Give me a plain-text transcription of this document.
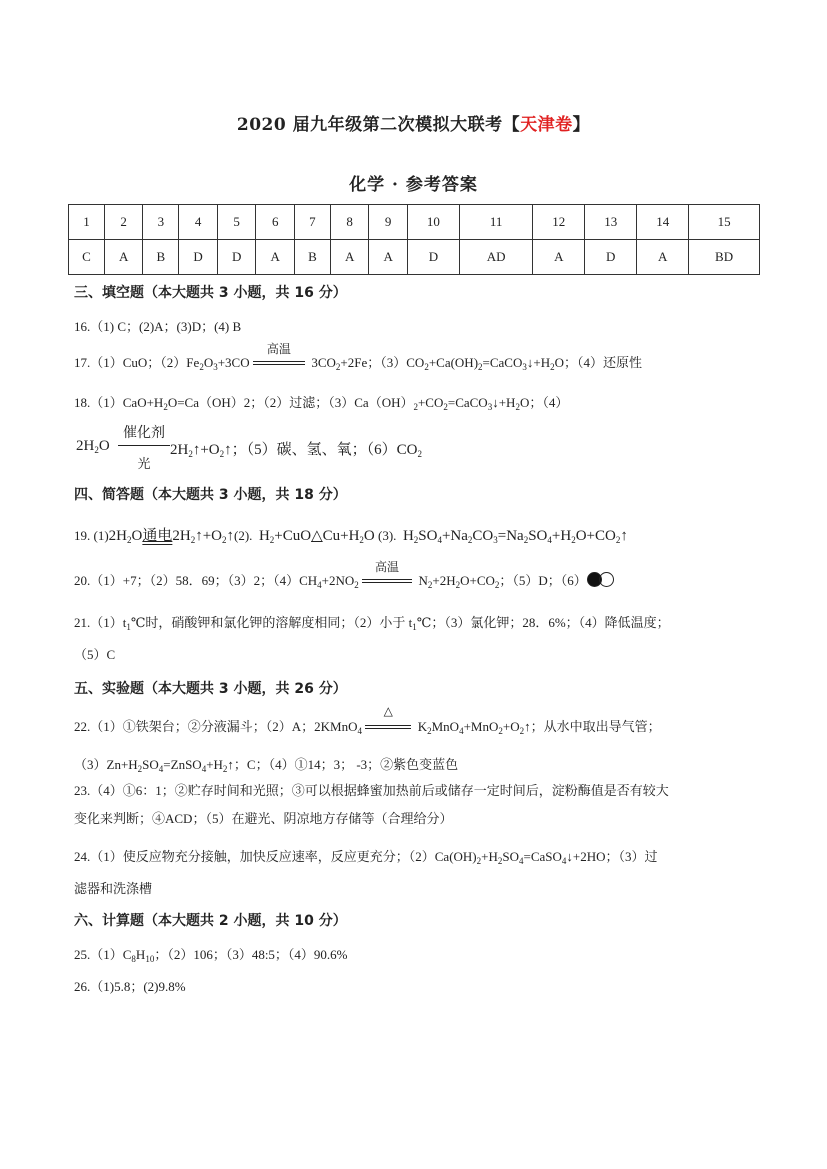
2020 届九年级第二次模拟大联考【天津卷】
化学 · 参考答案
1	2	3	4	5	6	7	8	9	10	11	12	13	14	15
C	A	B	D	D	A	B	A	A	D	AD	A	D	A	BD
三、填空题（本大题共 3 小题，共 16 分）
16.（1) C；(2)A；(3)D；(4) B
17.（1）CuO；$(2)Fe_2O_3+3CO$
高温
$3CO_2+2Fe$；$(3)CO_2+Ca(OH)_2=CaCO_3↓+H_2O$；（4）还原性
$18.(1)CaO+H_2O=Ca(OH)2$；（2）过滤；$(3)Ca(OH)_2+CO_2=CaCO_3↓+H_2O$；（4）
$2H_2O$
催化剂
光
$2H_2↑+O_2↑$；（5）碳、氢、氧；$(6)CO_2$
四、简答题（本大题共 3 小题，共 18 分）
19. $(1)2H_2O$通电$2H_2↑+O_2↑(2)$. $H_2+CuO\triangle Cu+H_2O$ (3). $H_2SO_4+Na_2CO_3=Na_2SO_4+H_2O+CO_2↑$
20.（1）+7；（2）58．69；（3）2；$(4)CH_4+2NO_2$
高温
$N_2+2H_2O+CO_2$；（5）D；（6）
$21.(1)t_1℃$时，硝酸钾和氯化钾的溶解度相同；（2）小于 $t_1℃$；（3）氯化钾；28．6%；（4）降低温度；
（5）C
五、实验题（本大题共 3 小题，共 26 分）
22.（1）①铁架台；②分液漏斗；（2）A；2KMnO$_4$
△
$K_2MnO_4+MnO_2+O_2↑$；从水中取出导气管；
$(3)Zn+H_2SO_4=ZnSO_4+H_2↑$；C；（4）①14；3； -3；②紫色变蓝色
23.（4）①6：1；②贮存时间和光照；③可以根据蜂蜜加热前后或储存一定时间后，淀粉酶值是否有较大
变化来判断；④ACD；（5）在避光、阴凉地方存储等（合理给分）
24.（1）使反应物充分接触，加快反应速率，反应更充分；$(2)Ca(OH)_2+H_2SO_4=CaSO_4↓+2HO$；（3）过
滤器和洗涤槽
六、计算题（本大题共 2 小题，共 10 分）
$25.(1)C_8H_{10}$；（2）106；（3）48:5；（4）90.6%
26.（1)5.8；(2)9.8%
